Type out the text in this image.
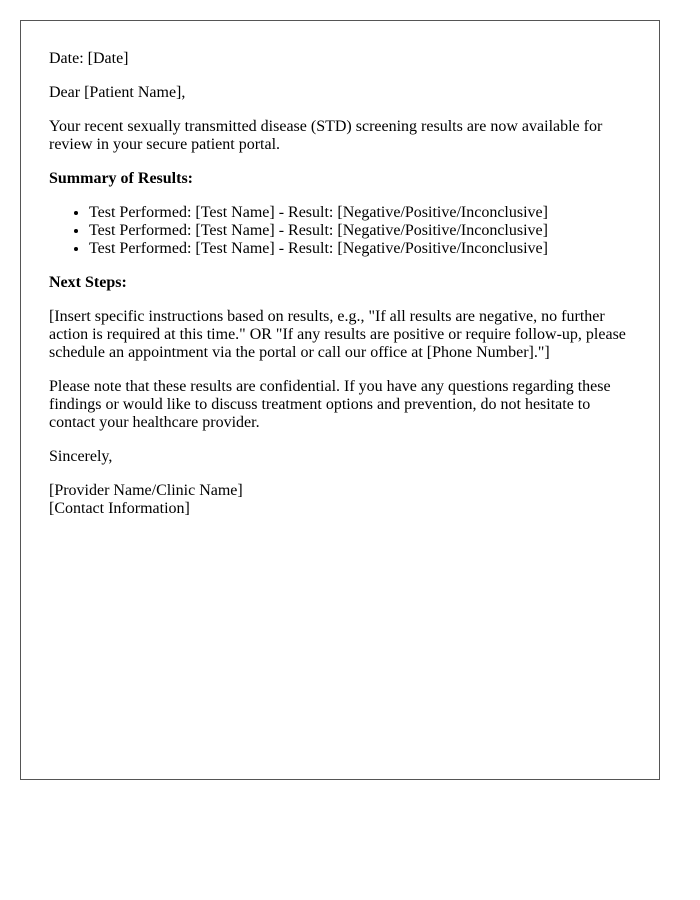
Date: [Date]

Dear [Patient Name],

Your recent sexually transmitted disease (STD) screening results are now available for review in your secure patient portal.

Summary of Results:

• Test Performed: [Test Name] - Result: [Negative/Positive/Inconclusive]
• Test Performed: [Test Name] - Result: [Negative/Positive/Inconclusive]
• Test Performed: [Test Name] - Result: [Negative/Positive/Inconclusive]

Next Steps:

[Insert specific instructions based on results, e.g., "If all results are negative, no further action is required at this time." OR "If any results are positive or require follow-up, please schedule an appointment via the portal or call our office at [Phone Number]."]

Please note that these results are confidential. If you have any questions regarding these findings or would like to discuss treatment options and prevention, do not hesitate to contact your healthcare provider.

Sincerely,

[Provider Name/Clinic Name]
[Contact Information]
